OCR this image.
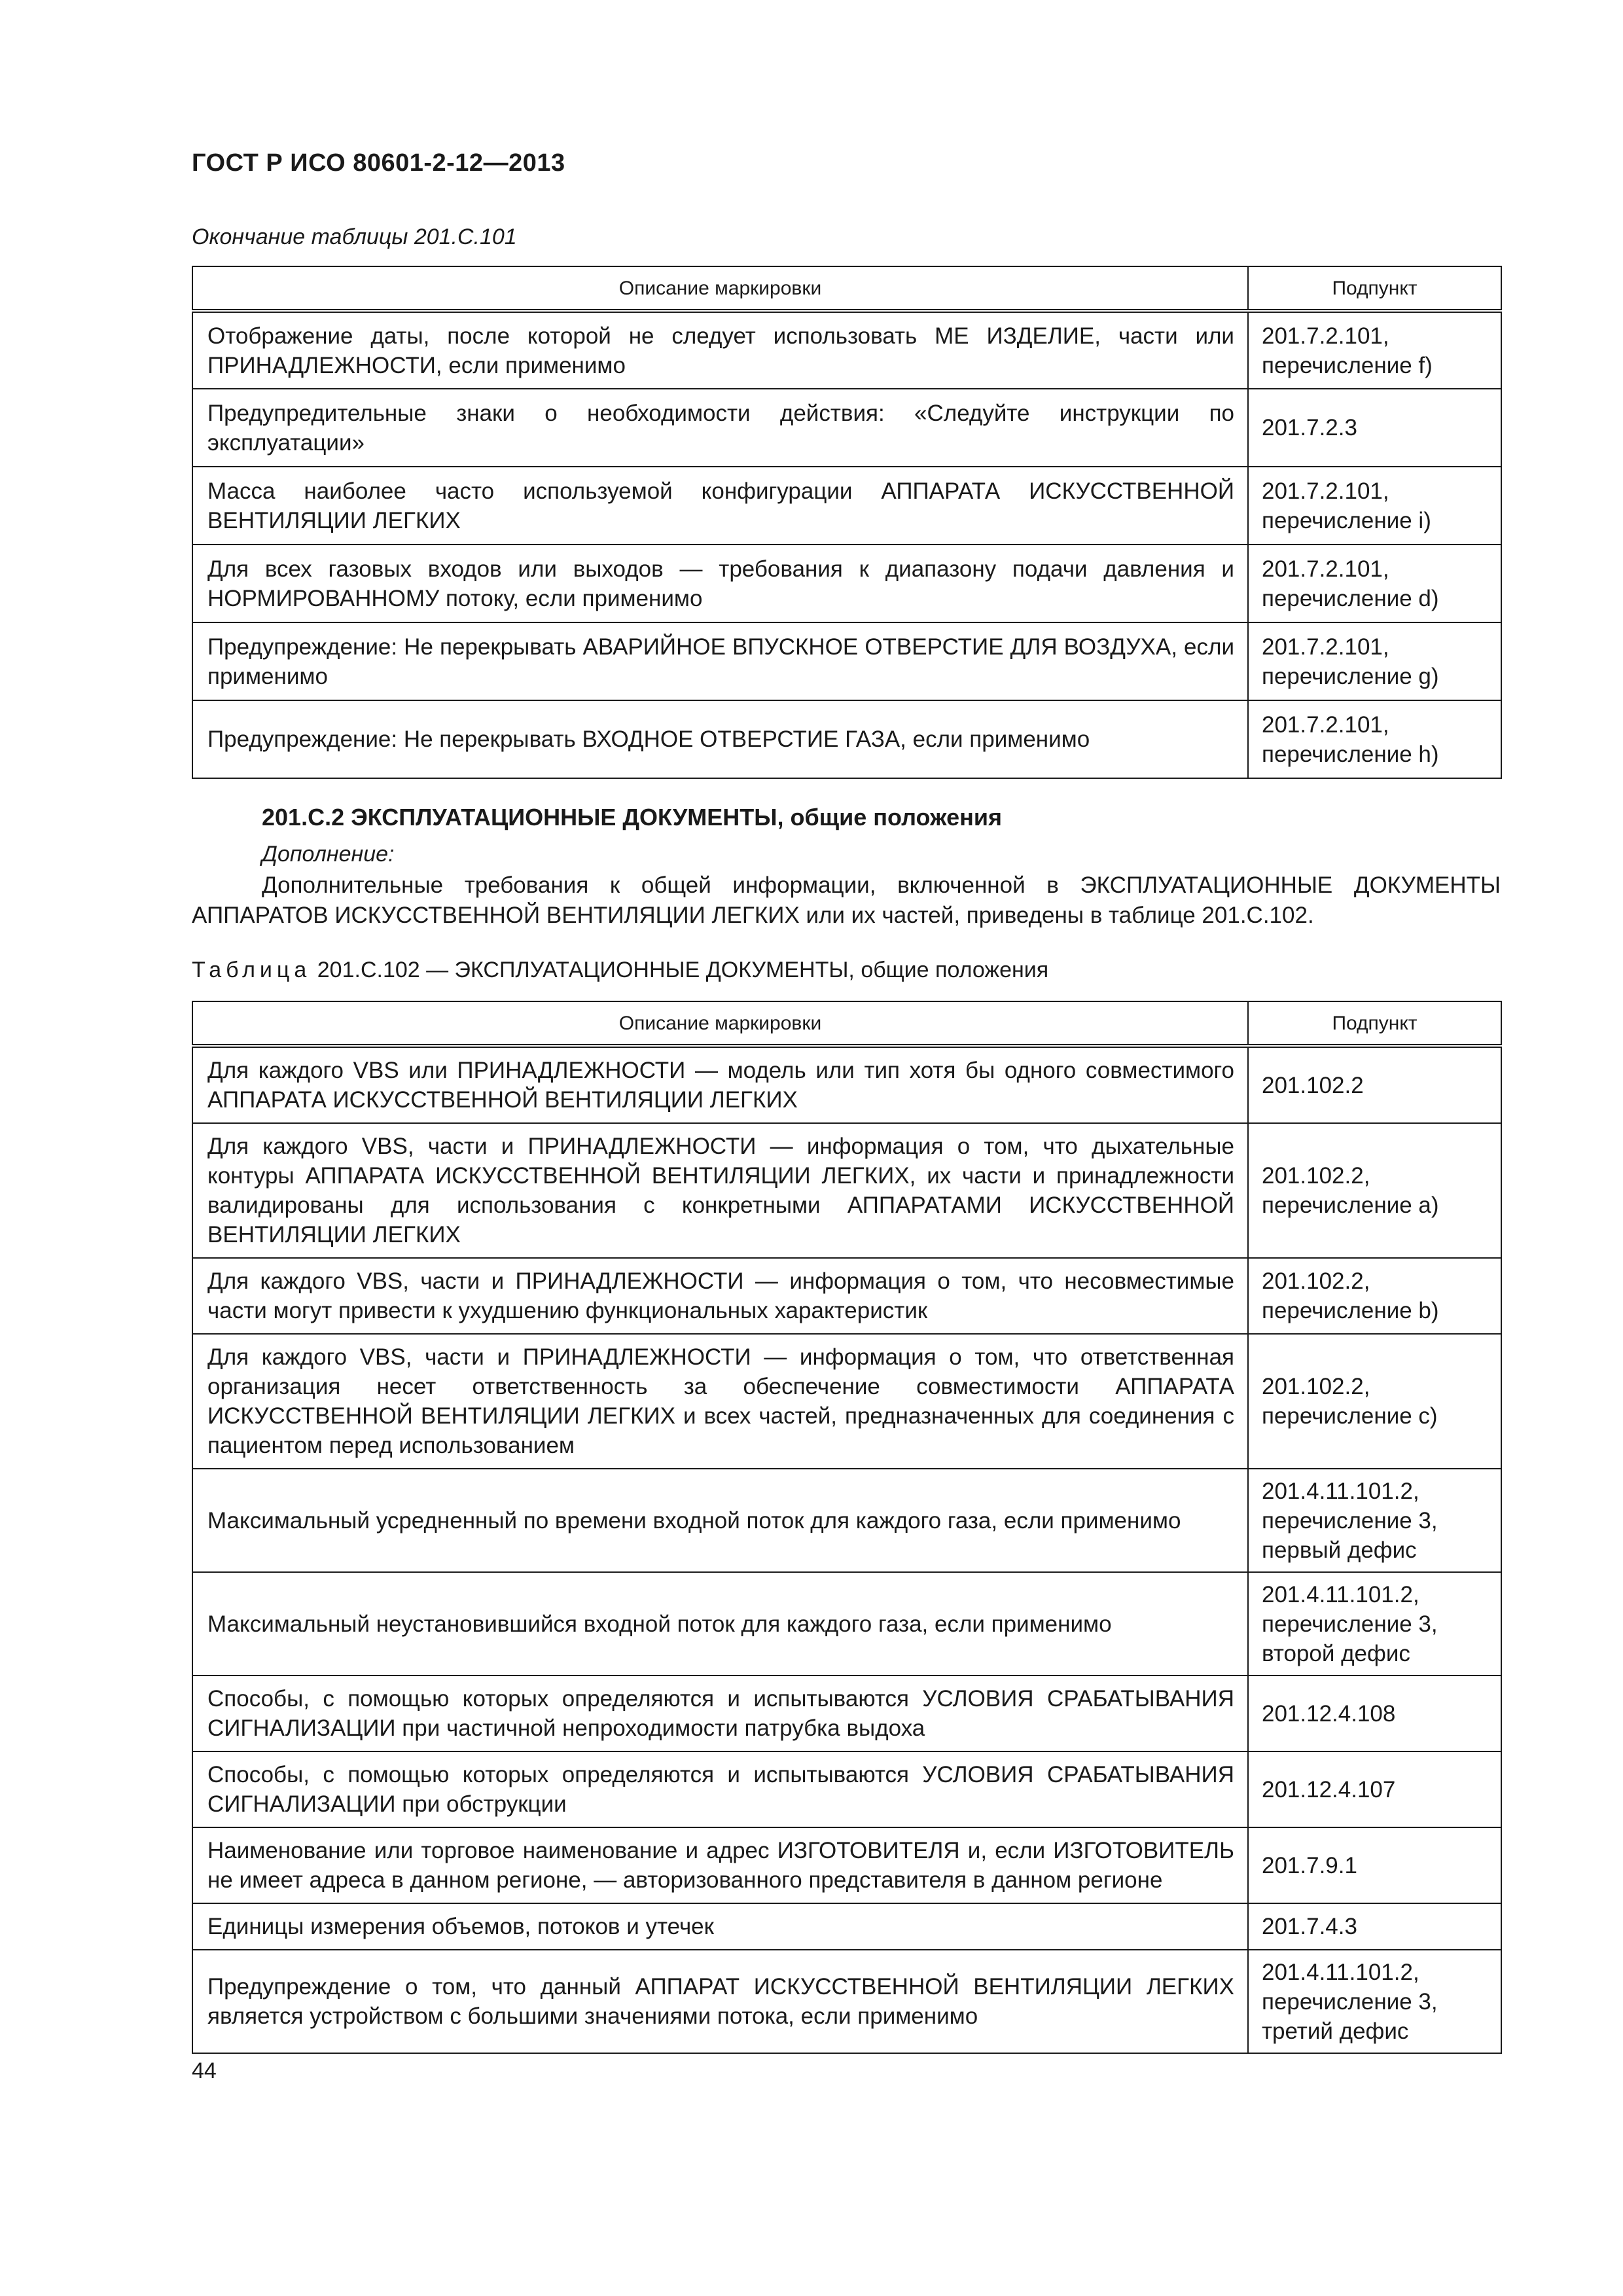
ГОСТ Р ИСО 80601-2-12—2013
Окончание таблицы 201.С.101
Описание маркировки	Подпункт
Отображение даты, после которой не следует использовать МЕ ИЗДЕЛИЕ, части или ПРИНАДЛЕЖНОСТИ, если применимо	201.7.2.101, перечисление f)
Предупредительные знаки о необходимости действия: «Следуйте инструкции по эксплуатации»	201.7.2.3
Масса наиболее часто используемой конфигурации АППАРАТА ИСКУССТВЕННОЙ ВЕНТИЛЯЦИИ ЛЕГКИХ	201.7.2.101, перечисление i)
Для всех газовых входов или выходов — требования к диапазону подачи давления и НОРМИРОВАННОМУ потоку, если применимо	201.7.2.101, перечисление d)
Предупреждение: Не перекрывать АВАРИЙНОЕ ВПУСКНОЕ ОТВЕРСТИЕ ДЛЯ ВОЗДУХА, если применимо	201.7.2.101, перечисление g)
Предупреждение: Не перекрывать ВХОДНОЕ ОТВЕРСТИЕ ГАЗА, если применимо	201.7.2.101, перечисление h)
201.С.2 ЭКСПЛУАТАЦИОННЫЕ ДОКУМЕНТЫ, общие положения
Дополнение:
Дополнительные требования к общей информации, включенной в ЭКСПЛУАТАЦИОННЫЕ ДОКУМЕНТЫ АППАРАТОВ ИСКУССТВЕННОЙ ВЕНТИЛЯЦИИ ЛЕГКИХ или их частей, приведены в таблице 201.С.102.
Таблица 201.С.102 — ЭКСПЛУАТАЦИОННЫЕ ДОКУМЕНТЫ, общие положения
Описание маркировки	Подпункт
Для каждого VBS или ПРИНАДЛЕЖНОСТИ — модель или тип хотя бы одного совместимого АППАРАТА ИСКУССТВЕННОЙ ВЕНТИЛЯЦИИ ЛЕГКИХ	201.102.2
Для каждого VBS, части и ПРИНАДЛЕЖНОСТИ — информация о том, что дыхательные контуры АППАРАТА ИСКУССТВЕННОЙ ВЕНТИЛЯЦИИ ЛЕГКИХ, их части и принадлежности валидированы для использования с конкретными АППАРАТАМИ ИСКУССТВЕННОЙ ВЕНТИЛЯЦИИ ЛЕГКИХ	201.102.2, перечисление a)
Для каждого VBS, части и ПРИНАДЛЕЖНОСТИ — информация о том, что несовместимые части могут привести к ухудшению функциональных характеристик	201.102.2, перечисление b)
Для каждого VBS, части и ПРИНАДЛЕЖНОСТИ — информация о том, что ответственная организация несет ответственность за обеспечение совместимости АППАРАТА ИСКУССТВЕННОЙ ВЕНТИЛЯЦИИ ЛЕГКИХ и всех частей, предназначенных для соединения с пациентом перед использованием	201.102.2, перечисление c)
Максимальный усредненный по времени входной поток для каждого газа, если применимо	201.4.11.101.2, перечисление 3, первый дефис
Максимальный неустановившийся входной поток для каждого газа, если применимо	201.4.11.101.2, перечисление 3, второй дефис
Способы, с помощью которых определяются и испытываются УСЛОВИЯ СРАБАТЫВАНИЯ СИГНАЛИЗАЦИИ при частичной непроходимости патрубка выдоха	201.12.4.108
Способы, с помощью которых определяются и испытываются УСЛОВИЯ СРАБАТЫВАНИЯ СИГНАЛИЗАЦИИ при обструкции	201.12.4.107
Наименование или торговое наименование и адрес ИЗГОТОВИТЕЛЯ и, если ИЗГОТОВИТЕЛЬ не имеет адреса в данном регионе, — авторизованного представителя в данном регионе	201.7.9.1
Единицы измерения объемов, потоков и утечек	201.7.4.3
Предупреждение о том, что данный АППАРАТ ИСКУССТВЕННОЙ ВЕНТИЛЯЦИИ ЛЕГКИХ является устройством с большими значениями потока, если применимо	201.4.11.101.2, перечисление 3, третий дефис
44
